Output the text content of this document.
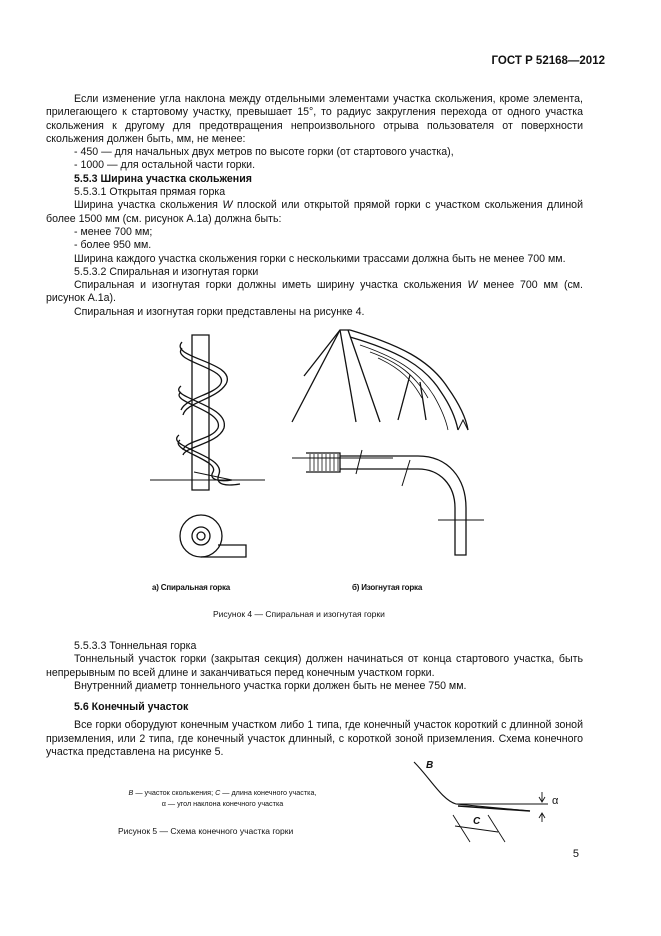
ГОСТ Р 52168—2012

Если изменение угла наклона между отдельными элементами участка скольжения, кроме элемента, прилегающего к стартовому участку, превышает 15°, то радиус закругления перехода от одного участка скольжения к другому для предотвращения непроизвольного отрыва пользователя от поверхности скольжения должен быть, мм, не менее:

- 450 — для начальных двух метров по высоте горки (от стартового участка),

- 1000 — для остальной части горки.

5.5.3 Ширина участка скольжения

5.5.3.1 Открытая прямая горка

Ширина участка скольжения W плоской или открытой прямой горки с участком скольжения длиной более 1500 мм (см. рисунок А.1а) должна быть:

- менее 700 мм;

- более 950 мм.

Ширина каждого участка скольжения горки с несколькими трассами должна быть не менее 700 мм.

5.5.3.2 Спиральная и изогнутая горки

Спиральная и изогнутая горки должны иметь ширину участка скольжения W менее 700 мм (см. рисунок А.1а).

Спиральная и изогнутая горки представлены на рисунке 4.

а) Спиральная горка	б) Изогнутая горка
Рисунок 4 — Спиральная и изогнутая горки

5.5.3.3 Тоннельная горка

Тоннельный участок горки (закрытая секция) должен начинаться от конца стартового участка, быть непрерывным по всей длине и заканчиваться перед конечным участком горки.

Внутренний диаметр тоннельного участка горки должен быть не менее 750 мм.

5.6 Конечный участок

Все горки оборудуют конечным участком либо 1 типа, где конечный участок короткий с длинной зоной приземления, или 2 типа, где конечный участок длинный, с короткой зоной приземления. Схема конечного участка представлена на рисунке 5.

B — участок скольжения; C — длина конечного участка,
α — угол наклона конечного участка
Рисунок 5 — Схема конечного участка горки
B
C
α
5
